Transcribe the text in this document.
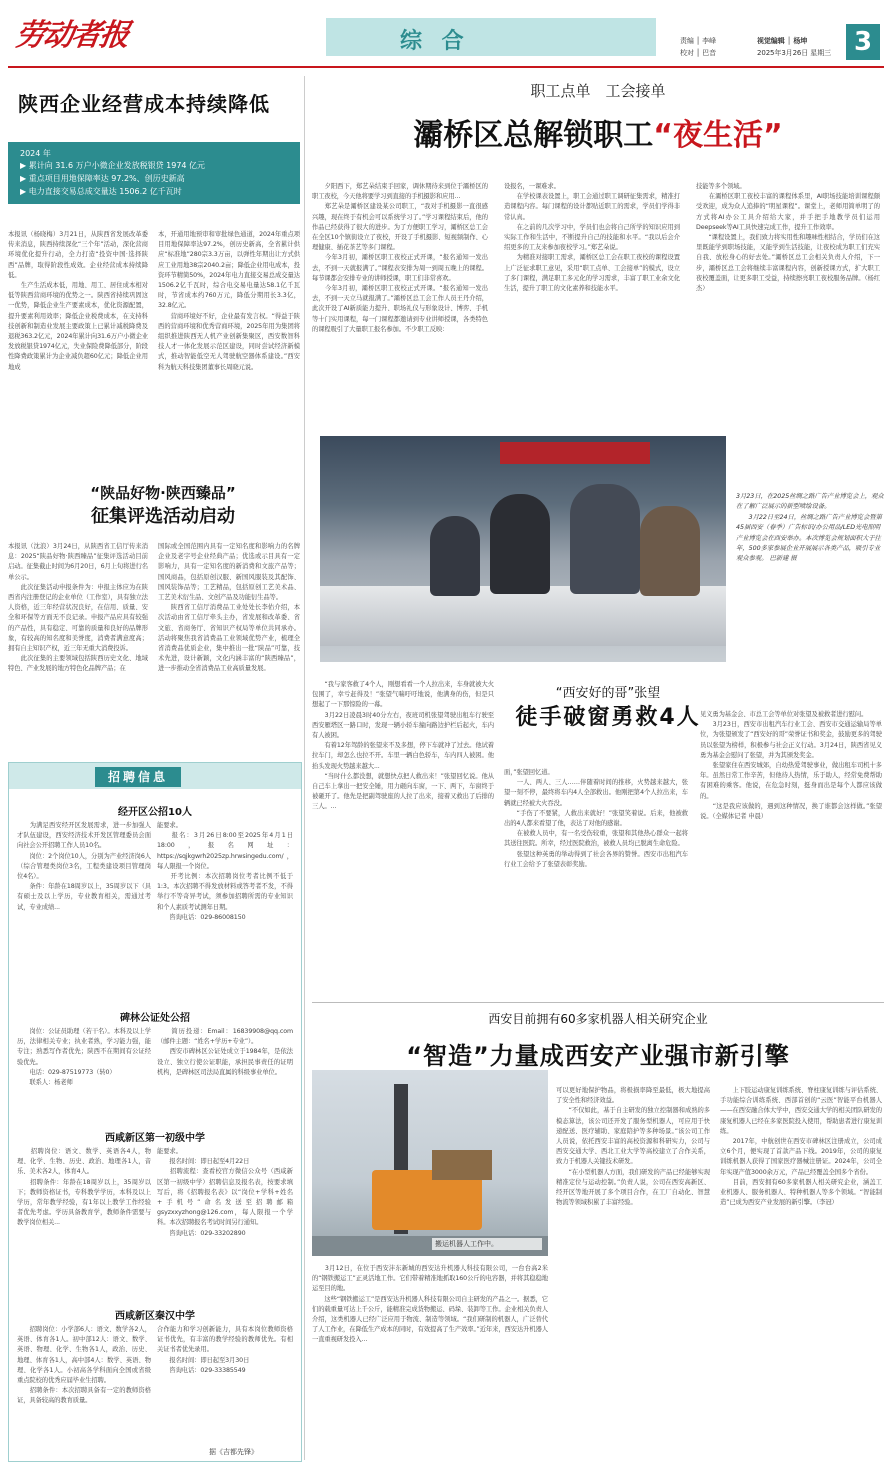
劳动者报	综 合	责编 │ 李峰
校对 │ 巴音
视觉编辑 │ 杨坤
2025年3月26日 星期三 3
陕西企业经营成本持续降低
2024 年
▶ 累计向 31.6 万户小微企业发放税银贷 1974 亿元
▶ 重点项目用地保障率达 97.2%、创历史新高
▶ 电力直接交易总成交量达 1506.2 亿千瓦时
本报讯（杨晓梅）3月21日，从陕西省发展改革委传来消息，陕西持续深化“三个年”活动，深化营商环境优化提升行动，全力打造“投资中国·选择陕西”品牌，取得阶段性成效。企业经营成本持续降低。
　　生产生活成本低，用地、用工、居住成本相对低等陕西营商环境的优势之一。陕西省持续巩固这一优势，降低企业生产要素成本，优化资源配置，提升要素利用效率；降低企业税费成本，在支持科技创新和制造业发展主要政策上已累计减税降费及退税363.2亿元，2024年累计向31.6万户小微企业发放税银贷1974亿元，失业保险费降低部分，阶段性降费政策累计为企业减负超60亿元；降低企业用地成
本，开通用地预审和审批绿色通道，2024年重点项目用地保障率达97.2%，创历史新高，全省累计供应“标准地”280宗3.3万亩，以弹性年期出让方式供应工业用地38宗2040.2亩；降低企业用电成本，投资环节精简50%，2024年电力直接交易总成交量达1506.2亿千瓦时，综合电交易电量达58.1亿千瓦时，节省成本约760万元，降低分期用长3.3亿，32.8亿元。
　　营商环境好不好，企业最有发言权。“得益于陕西的营商环境和优秀营商环境，2025年用为集团将组织推进陕西无人机产业创新集聚区，西安数智科技人才一体化发展示范区建设，同时尝试经济新模式，推动智能低空无人驾驶航空器体系建设。”西安科为航天科技集团董事长周晓元说。
“陕品好物·陕西臻品”
征集评选活动启动
本报讯（沈浪）3月24日，从陕西省工信厅传来消息：2025“陕品好物·陕西臻品”征集评选活动目前启动。征集截止时间为6月20日，6月上旬将进行名单公示。
　　此次征集活动申报条件为：申报主体应为在陕西省内注册登记的企业单位（工作室），具有独立法人资格，近三年经营状况良好，在信用、质量、安全和环保等方面无不良记录。申报产品应具有较强的产品性，具有稳定、可靠的质量和良好的品牌形象，有较高的知名度和美誉度，消费者满意度高；拥有自主知识产权，近三年无重大消费投诉。
　　此次征集的主要领域包括陕西历史文化、地域特色、产业发展的地方特色化品牌产品；在
国际或全国范围内具有一定知名度和影响力的名牌企业及老字号企业经典产品；优选或示目具有一定影响力，具有一定知名度的新消费和文旅产品等；国风商品，包括原创汉服、新国风服装及其配饰、国风装饰品等；工艺精品，包括原创工艺美术品、工艺美术衍生品、文创产品及功能衍生品等。
　　陕西省工信厅消费品工业处处长李佑介绍，本次活动由省工信厅牵头主办，省发展和改革委、省文旅、省商务厅、省知识产权局等单位共同承办。活动将聚焦我省消费品工业领域优势产业，梳理全省消费品优质企业，集中推出一批“陕品”可靠，技术先进，设计新颖，文化内涵丰富的“陕西臻品”，进一步推动全省消费品工业高质量发展。
招聘信息
经开区公招10人
　　为满足西安经开区发展需求，进一步加强人才队伍建设，西安经济技术开发区管理委员会面向社会公开招聘工作人员10名。
　　岗位：2个岗位10人，分别为产业经济岗6人（综合管理类岗位3名，工程类建设项目管理岗位4名）。
　　条件：年龄在18周岁以上，35周岁以下（具有硕士及以上学历，专业教育相关，需通过考试，专业成绩...
能要求。
　　报名：3月26日8:00至2025年4月1日18:00，报名网址：https://sqjkgwrh2025zp.hrwsingedu.com/，每人限报一个岗位。
　　开考比例：本次招聘岗位考者比例不低于1:3。本次招聘不得发放材料或答考者不发，不得举行不等奇异考试，须参加招聘所需的专业知识和个人素质考试测年日期。
　　咨询电话：029-86008150
碑林公证处公招
　　岗位：公证员助理（若干名）。本科及以上学历，法律相关专业；执业者熟，学习能力强，能专注；熟悉写作者优先；陕西不在期间有公证经验优先。
　　电话：029-87519773（转0）
　　联系人：杨老师
　　简历投递：Email：16839908@qq.com（邮件主题：“姓名+学历+专业”）。
　　西安市碑林区公证处成立于1984年，是依法设立、独立行使公证职能，承担民事责任的证明机构，是碑林区司法局直属的科级事业单位。
西咸新区第一初级中学
　　招聘岗位：语文、数学、英语各4人，物理、化学、生物、历史、政治、地理各1人，音乐、美术各2人，体育4人。
　　招聘条件：年龄在18周岁以上，35周岁以下；教师资格证书，专科教学学历，本科及以上学历，常年教学经验，有1年以上教学工作经验者优先考虑。学历具备教育学，教师条件需要与教学岗位相关...
能要求。
　　报名时间：即日起至4月22日
　　招聘流程：查看校官方微信公众号（西咸新区第一初级中学）招聘信息及报名表，按要求填写后，将《招聘报名表》以“岗位+学科+姓名+手机号”命名发送至招聘邮箱 gsyzxxyzhong@126.com，每人限报一个学科。本次招聘报名考试时间另行通知。
　　咨询电话：029-33202890
西咸新区秦汉中学
　　招聘岗位：小学部6人：语文、数学各2人，英语、体育各1人。初中部12人：语文、数学、英语、物理、化学、生物各1人，政治、历史、地理、体育各1人，高中部4人：数学、英语、物理、化学各1人。小初高各学科面向全国或省级重点院校的优秀应届毕业生招聘。
　　招聘条件：本次招聘具备有一定的教师资格证，具备较高的教育质量。
合作能力和学习创新能力，具有本岗位教师资格证书优先，有丰富的教学经验的教师优先。有相关证书者优先录用。
　　报名时间：即日起至3月30日
　　咨询电话：029-33385549
据《吉都先锋》
职工点单　工会接单
灞桥区总解锁职工“夜生活”
　　夕阳西下，郑艺朵结束手回家，调休期待来到位于灞桥区的职工夜校，今天他将要学习到直接的手机摄影和应用...
　　郑艺朵是灞桥区建设某公司职工，“我对手机摄影一直很感兴趣，现在终于有机会可以系统学习了。”学习课程结束后，他的作品已经获得了很大的进步。为了方便职工学习，灞桥区总工会在全区10个镇街设立了夜校，开设了手机摄影、短视频制作、心理健康、插花茶艺等多门课程。
　　今年3月初，灞桥区职工夜校正式开课，“报名通知一发出去，不到一天就报满了。”课程表安排为周一到周五晚上的课程。每节课都会安排专业的讲师授课，职工们非常喜欢。
　　今年3月初，灞桥区职工夜校正式开课。“报名通知一发出去，不到一天立马就报满了。”灞桥区总工会工作人员王丹介绍，此次开设了AI新质能力提升、职场礼仪与形象设计、博弈、手机等十门实用课程，每一门课程都邀请到专业讲师授课，各类特色的课程吸引了大量职工报名参加。不少职工反映：
设报名，一课难求。
　　在学校课表设置上，职工会通过职工调研征集需求，精准打造课程内容。每门课程的设计都贴近职工的需求，学员们学得非常认真。
　　在之前的几次学习中，学员们也会将自己所学的知识应用到实际工作和生活中，不断提升自己的技能和水平。“我以后会介绍更多的工友来参加夜校学习。”郑艺朵说。
　　为精准对接职工需求，灞桥区总工会在职工夜校的课程设置上广泛征求职工意见，采用“职工点单、工会接单”的模式，设立了多门课程，满足职工多元化的学习需求，丰富了职工业余文化生活，提升了职工的文化素养和技能水平。
技能等多个领域。
　　在灞桥区职工夜校丰富的课程体系里，AI职场技能培训课程颇受欢迎，成为众人追捧的“明星课程”。课堂上，老师用简单明了的方式将AI办公工具介绍给大家，并手把手地教学员们运用Deepseek等AI工具快速完成工作，提升工作效率。
　　“课程设置上，我们致力将实用性和趣味性相结合，学员们在这里既能学到职场技能，又能学到生活技能，让夜校成为职工们充实自我、放松身心的好去处。”灞桥区总工会相关负责人介绍，下一步，灞桥区总工会将继续丰富课程内容，创新授课方式，扩大职工夜校覆盖面，让更多职工受益，持续擦亮职工夜校服务品牌。（杨红杰）
3月23日，在2025丝绸之路广告产业博览会上，观众在了解广泛展示的新型喷绘设备。
　　3月22日至24日，丝绸之路广告产业博览会暨第45届西安（春季）广告标识/办公用品/LED光电照明产业博览会在西安举办。本次博览会规划面积大于往年，500多家参展企业开展展示各类产品，吸引专业观众参观。 巴新建 摄
“西安好的哥”张望
徒手破窗勇救4人
　　“我与家客救了4个人，刚想看看一个人拉出来，车身就被大火包围了，幸亏赶得及！”张望气喘吁吁地说，他满身的伤，但是只想起了一下那惊险的一幕。
　　3月22日凌晨3时40分左右，夜班司机张望驾驶出租车行驶至西安雁塔区一路口时，发现一辆小轿车撞向路边护栏后起火，车内有人被困。
　　有着12年驾龄的张望来不及多想，停下车就冲了过去。他试着拉车门，却怎么也拉不开。车里一辆白色轿车，车内四人被困。他抬头发现火势越来越大...
　　“当时什么都没想，就想快点把人救出来！”张望回忆说。他从自己车上拿出一把安全锤，用力砸向车窗，一下、两下，车窗终于被砸开了。他先是把副驾驶座的人拉了出来，接着又救出了后排的三人。...
面，”张望回忆道。
　　一人、两人、三人……伴随着时间的推移，火势越来越大，张望一刻不停，最终将车内4人全部救出。他刚把第4个人拉出来，车辆就已经被大火吞没。
　　“手伤了不要紧，人救出来就好！”张望笑着说。后来，他被救出的4人都来看望了他，表达了对他的感谢。
　　在被救人员中，有一名受伤较重，张望和其他热心群众一起将其送往医院。所幸，经过医院救治，被救人员均已脱离生命危险。
　　张望这种英勇的举动得到了社会各界的赞誉。西安市出租汽车行业工会给予了张望表彰奖励。
见义勇为基金会、市总工会等单位对张望及被救者进行慰问。
　　3月23日，西安市出租汽车行业工会、西安市交通运输局等单位，为张望颁发了“西安好的哥”荣誉证书和奖金，鼓励更多的驾驶员以张望为榜样，积极参与社会正义行动。3月24日，陕西省见义勇为基金会慰问了张望，并为其颁发奖金。
　　张望家住在西安城郊，自幼热爱驾驶事业，做出租车司机十多年。虽然日常工作辛苦，但他待人热情，乐于助人，经常免费帮助有困难的乘客。他说，在危急时刻，挺身而出是每个人都应该做的。
　　“这是我应该做的，遇到这种情况，换了谁都会这样做。”张望说。（全媒体记者 申晨）
西安目前拥有60多家机器人相关研究企业
“智造”力量成西安产业强市新引擎
搬运机器人工作中。
　　3月12日，在位于西安沣东新城的西安达升机器人科技有限公司，一台台高2米的“钢铁搬运工”正灵活地工作。它们带着精准地抓取160公斤的电容器，并将其稳稳地运至目的地。
　　这些“钢铁搬运工”是西安达升机器人科技有限公司自主研发的产品之一。据悉，它们的载重量可达上千公斤，能精准完成货物搬运、码垛、装卸等工作。企业相关负责人介绍，这类机器人已经广泛应用于物流、制造等领域。“我们研制的机器人，广泛替代了人工作业，在降低生产成本的同时，有效提高了生产效率。”近年来，西安达升机器人一直重视研发投入...
可以更好地保护物品，将极损率降至最低，极大地提高了安全性和经济效益。
　　“不仅如此，基于自主研发的独立控制器和成熟的多模态算法，该公司还开发了服务型机器人，可应用于快递配送、医疗辅助、家庭陪护等多种场景。”该公司工作人员说，依托西安丰富的高校资源和科研实力，公司与西安交通大学、西北工业大学等高校建立了合作关系，致力于机器人关键技术研发。
　　“在小型机器人方面，我们研发的产品已经能够实现精准定位与运动控制。”负责人说，公司在西安高新区、经开区等地开展了多个项目合作，在工厂自动化、智慧物流等领域积累了丰富经验。
　　上下肢运动康复训练系统、脊柱康复训练与评估系统、手功能综合训练系统、西部首创的“云医”智能平台机器人——在西安融合体大学中，西安交通大学的相关团队研发的康复机器人已经在多家医院投入使用，帮助患者进行康复训练。
　　2017年，中航创世在西安市碑林区注册成立，公司成立6个月，便实现了首款产品下线。2019年，公司的康复训练机器人获得了国家医疗器械注册证。2024年，公司全年实现产值3000余万元，产品已经覆盖全国多个省份。
　　目前，西安拥有60多家机器人相关研究企业，涵盖工业机器人、服务机器人、特种机器人等多个领域。“智能制造”已成为西安产业发展的新引擎。（李冠）
